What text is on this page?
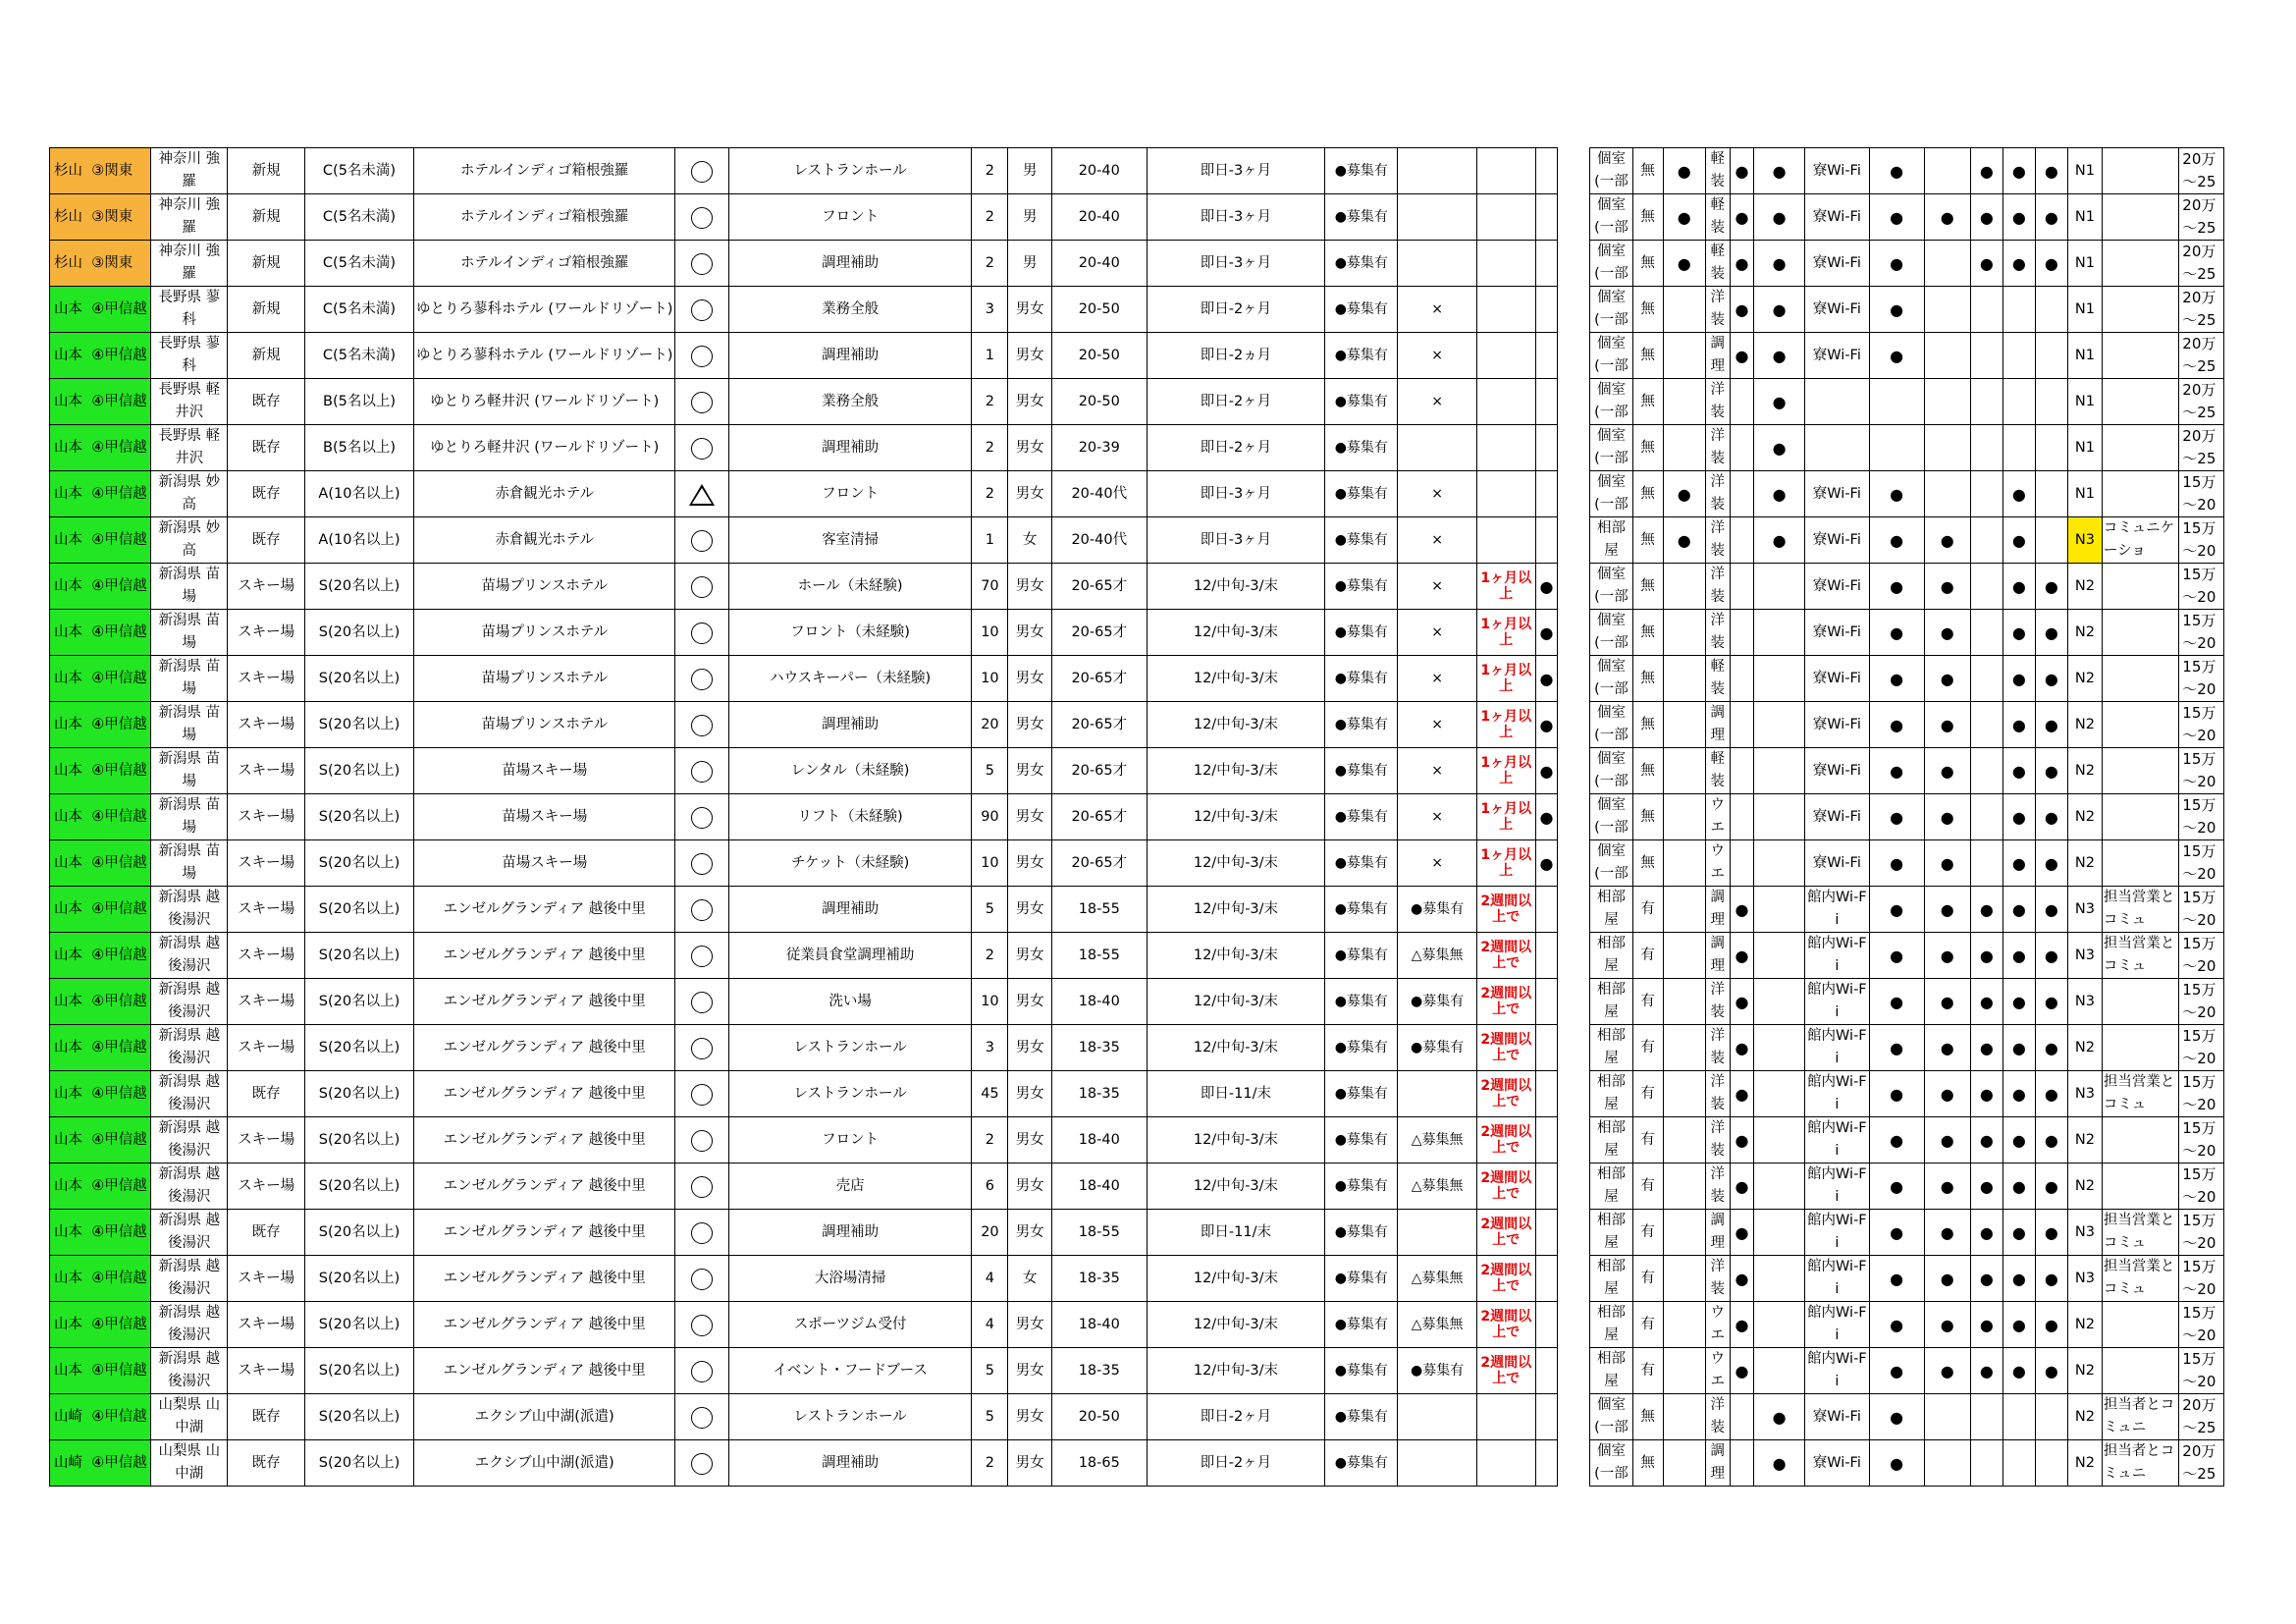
杉山 ③関東	神奈川 強羅	新規	C(5名未満)	ホテルインディゴ箱根強羅		レストランホール	2	男	20-40	即日-3ヶ月	●募集有					個室(一部	無	●	軽装	●	●	寮Wi-Fi	●		●	●	●	N1		20万～25
杉山 ③関東	神奈川 強羅	新規	C(5名未満)	ホテルインディゴ箱根強羅		フロント	2	男	20-40	即日-3ヶ月	●募集有					個室(一部	無	●	軽装	●	●	寮Wi-Fi	●	●	●	●	●	N1		20万～25
杉山 ③関東	神奈川 強羅	新規	C(5名未満)	ホテルインディゴ箱根強羅		調理補助	2	男	20-40	即日-3ヶ月	●募集有					個室(一部	無	●	軽装	●	●	寮Wi-Fi	●		●	●	●	N1		20万～25
山本 ④甲信越	長野県 蓼科	新規	C(5名未満)	ゆとりろ蓼科ホテル (ワールドリゾート)		業務全般	3	男女	20-50	即日-2ヶ月	●募集有	×				個室(一部	無		洋装	●	●	寮Wi-Fi	●					N1		20万～25
山本 ④甲信越	長野県 蓼科	新規	C(5名未満)	ゆとりろ蓼科ホテル (ワールドリゾート)		調理補助	1	男女	20-50	即日-2ヵ月	●募集有	×				個室(一部	無		調理	●	●	寮Wi-Fi	●					N1		20万～25
山本 ④甲信越	長野県 軽井沢	既存	B(5名以上)	ゆとりろ軽井沢 (ワールドリゾート)		業務全般	2	男女	20-50	即日-2ヶ月	●募集有	×				個室(一部	無		洋装		●							N1		20万～25
山本 ④甲信越	長野県 軽井沢	既存	B(5名以上)	ゆとりろ軽井沢 (ワールドリゾート)		調理補助	2	男女	20-39	即日-2ヶ月	●募集有					個室(一部	無		洋装		●							N1		20万～25
山本 ④甲信越	新潟県 妙高	既存	A(10名以上)	赤倉観光ホテル		フロント	2	男女	20-40代	即日-3ヶ月	●募集有	×				個室(一部	無	●	洋装		●	寮Wi-Fi	●			●		N1		15万～20
山本 ④甲信越	新潟県 妙高	既存	A(10名以上)	赤倉観光ホテル		客室清掃	1	女	20-40代	即日-3ヶ月	●募集有	×				相部屋	無	●	洋装		●	寮Wi-Fi	●	●		●		N3	コミュニケーショ	15万～20
山本 ④甲信越	新潟県 苗場	スキー場	S(20名以上)	苗場プリンスホテル		ホール（未経験)	70	男女	20-65才	12/中旬-3/末	●募集有	×	1ヶ月以上	●		個室(一部	無		洋装			寮Wi-Fi	●	●		●	●	N2		15万～20
山本 ④甲信越	新潟県 苗場	スキー場	S(20名以上)	苗場プリンスホテル		フロント（未経験)	10	男女	20-65才	12/中旬-3/末	●募集有	×	1ヶ月以上	●		個室(一部	無		洋装			寮Wi-Fi	●	●		●	●	N2		15万～20
山本 ④甲信越	新潟県 苗場	スキー場	S(20名以上)	苗場プリンスホテル		ハウスキーパー（未経験)	10	男女	20-65才	12/中旬-3/末	●募集有	×	1ヶ月以上	●		個室(一部	無		軽装			寮Wi-Fi	●	●		●	●	N2		15万～20
山本 ④甲信越	新潟県 苗場	スキー場	S(20名以上)	苗場プリンスホテル		調理補助	20	男女	20-65才	12/中旬-3/末	●募集有	×	1ヶ月以上	●		個室(一部	無		調理			寮Wi-Fi	●	●		●	●	N2		15万～20
山本 ④甲信越	新潟県 苗場	スキー場	S(20名以上)	苗場スキー場		レンタル（未経験)	5	男女	20-65才	12/中旬-3/末	●募集有	×	1ヶ月以上	●		個室(一部	無		軽装			寮Wi-Fi	●	●		●	●	N2		15万～20
山本 ④甲信越	新潟県 苗場	スキー場	S(20名以上)	苗場スキー場		リフト（未経験)	90	男女	20-65才	12/中旬-3/末	●募集有	×	1ヶ月以上	●		個室(一部	無		ウエ			寮Wi-Fi	●	●		●	●	N2		15万～20
山本 ④甲信越	新潟県 苗場	スキー場	S(20名以上)	苗場スキー場		チケット（未経験)	10	男女	20-65才	12/中旬-3/末	●募集有	×	1ヶ月以上	●		個室(一部	無		ウエ			寮Wi-Fi	●	●		●	●	N2		15万～20
山本 ④甲信越	新潟県 越後湯沢	スキー場	S(20名以上)	エンゼルグランディア 越後中里		調理補助	5	男女	18-55	12/中旬-3/末	●募集有	●募集有	2週間以上で			相部屋	有		調理	●		館内Wi-Fi	●	●	●	●	●	N3	担当営業とコミュ	15万～20
山本 ④甲信越	新潟県 越後湯沢	スキー場	S(20名以上)	エンゼルグランディア 越後中里		従業員食堂調理補助	2	男女	18-55	12/中旬-3/末	●募集有	△募集無	2週間以上で			相部屋	有		調理	●		館内Wi-Fi	●	●	●	●	●	N3	担当営業とコミュ	15万～20
山本 ④甲信越	新潟県 越後湯沢	スキー場	S(20名以上)	エンゼルグランディア 越後中里		洗い場	10	男女	18-40	12/中旬-3/末	●募集有	●募集有	2週間以上で			相部屋	有		洋装	●		館内Wi-Fi	●	●	●	●	●	N3		15万～20
山本 ④甲信越	新潟県 越後湯沢	スキー場	S(20名以上)	エンゼルグランディア 越後中里		レストランホール	3	男女	18-35	12/中旬-3/末	●募集有	●募集有	2週間以上で			相部屋	有		洋装	●		館内Wi-Fi	●	●	●	●	●	N2		15万～20
山本 ④甲信越	新潟県 越後湯沢	既存	S(20名以上)	エンゼルグランディア 越後中里		レストランホール	45	男女	18-35	即日-11/末	●募集有		2週間以上で			相部屋	有		洋装	●		館内Wi-Fi	●	●	●	●	●	N3	担当営業とコミュ	15万～20
山本 ④甲信越	新潟県 越後湯沢	スキー場	S(20名以上)	エンゼルグランディア 越後中里		フロント	2	男女	18-40	12/中旬-3/末	●募集有	△募集無	2週間以上で			相部屋	有		洋装	●		館内Wi-Fi	●	●	●	●	●	N2		15万～20
山本 ④甲信越	新潟県 越後湯沢	スキー場	S(20名以上)	エンゼルグランディア 越後中里		売店	6	男女	18-40	12/中旬-3/末	●募集有	△募集無	2週間以上で			相部屋	有		洋装	●		館内Wi-Fi	●	●	●	●	●	N2		15万～20
山本 ④甲信越	新潟県 越後湯沢	既存	S(20名以上)	エンゼルグランディア 越後中里		調理補助	20	男女	18-55	即日-11/末	●募集有		2週間以上で			相部屋	有		調理	●		館内Wi-Fi	●	●	●	●	●	N3	担当営業とコミュ	15万～20
山本 ④甲信越	新潟県 越後湯沢	スキー場	S(20名以上)	エンゼルグランディア 越後中里		大浴場清掃	4	女	18-35	12/中旬-3/末	●募集有	△募集無	2週間以上で			相部屋	有		洋装	●		館内Wi-Fi	●	●	●	●	●	N3	担当営業とコミュ	15万～20
山本 ④甲信越	新潟県 越後湯沢	スキー場	S(20名以上)	エンゼルグランディア 越後中里		スポーツジム受付	4	男女	18-40	12/中旬-3/末	●募集有	△募集無	2週間以上で			相部屋	有		ウエ	●		館内Wi-Fi	●	●	●	●	●	N2		15万～20
山本 ④甲信越	新潟県 越後湯沢	スキー場	S(20名以上)	エンゼルグランディア 越後中里		イベント・フードブース	5	男女	18-35	12/中旬-3/末	●募集有	●募集有	2週間以上で			相部屋	有		ウエ	●		館内Wi-Fi	●	●	●	●	●	N2		15万～20
山崎 ④甲信越	山梨県 山中湖	既存	S(20名以上)	エクシブ山中湖(派遣)		レストランホール	5	男女	20-50	即日-2ヶ月	●募集有					個室(一部	無		洋装		●	寮Wi-Fi	●					N2	担当者とコミュニ	20万～25
山崎 ④甲信越	山梨県 山中湖	既存	S(20名以上)	エクシブ山中湖(派遣)		調理補助	2	男女	18-65	即日-2ヶ月	●募集有					個室(一部	無		調理		●	寮Wi-Fi	●					N2	担当者とコミュニ	20万～25
